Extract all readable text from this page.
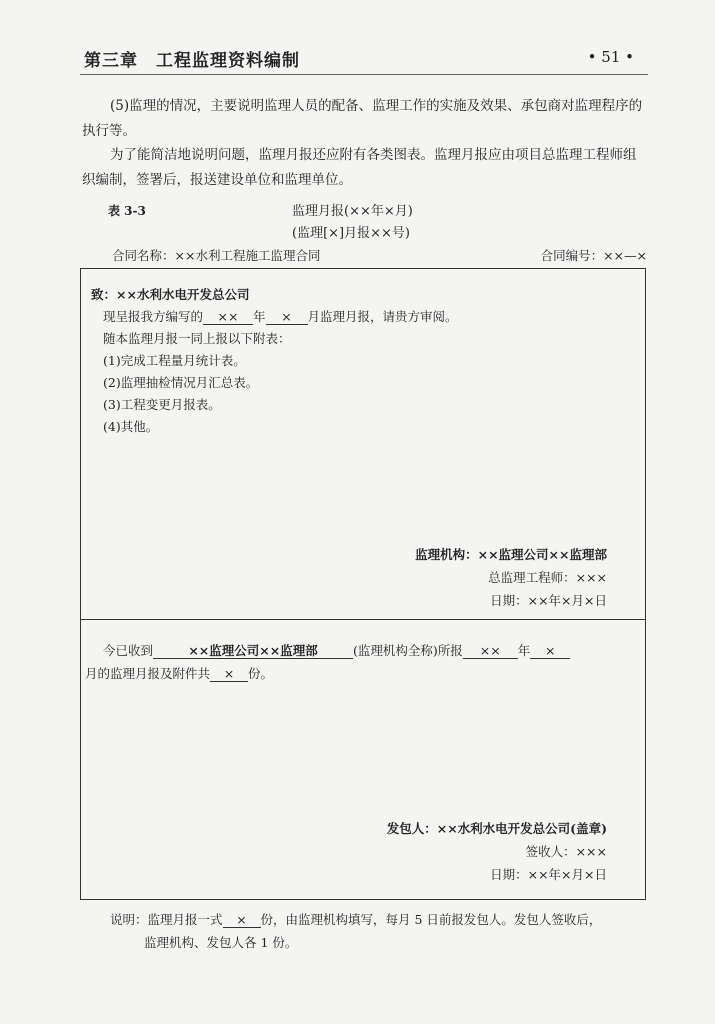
第三章　工程监理资料编制	• 51 •
(5)监理的情况，主要说明监理人员的配备、监理工作的实施及效果、承包商对监理程序的执行等。
为了能简洁地说明问题，监理月报还应附有各类图表。监理月报应由项目总监理工程师组织编制，签署后，报送建设单位和监理单位。
表 3-3	监理月报(××年×月)
(监理[×]月报××号)
合同名称：××水利工程施工监理合同	合同编号：××—×
致：××水利水电开发总公司
现呈报我方编写的 ×× 年 × 月监理月报，请贵方审阅。
随本监理月报一同上报以下附表：
(1)完成工程量月统计表。
(2)监理抽检情况月汇总表。
(3)工程变更月报表。
(4)其他。
监理机构：××监理公司××监理部
总监理工程师：×××
日期：××年×月×日
今已收到	××监理公司××监理部	(监理机构全称)所报 ×× 年 ×
月的监理月报及附件共 × 份。
发包人：××水利水电开发总公司(盖章)
签收人：×××
日期：××年×月×日
说明：监理月报一式 × 份，由监理机构填写，每月 5 日前报发包人。发包人签收后，
监理机构、发包人各 1 份。
